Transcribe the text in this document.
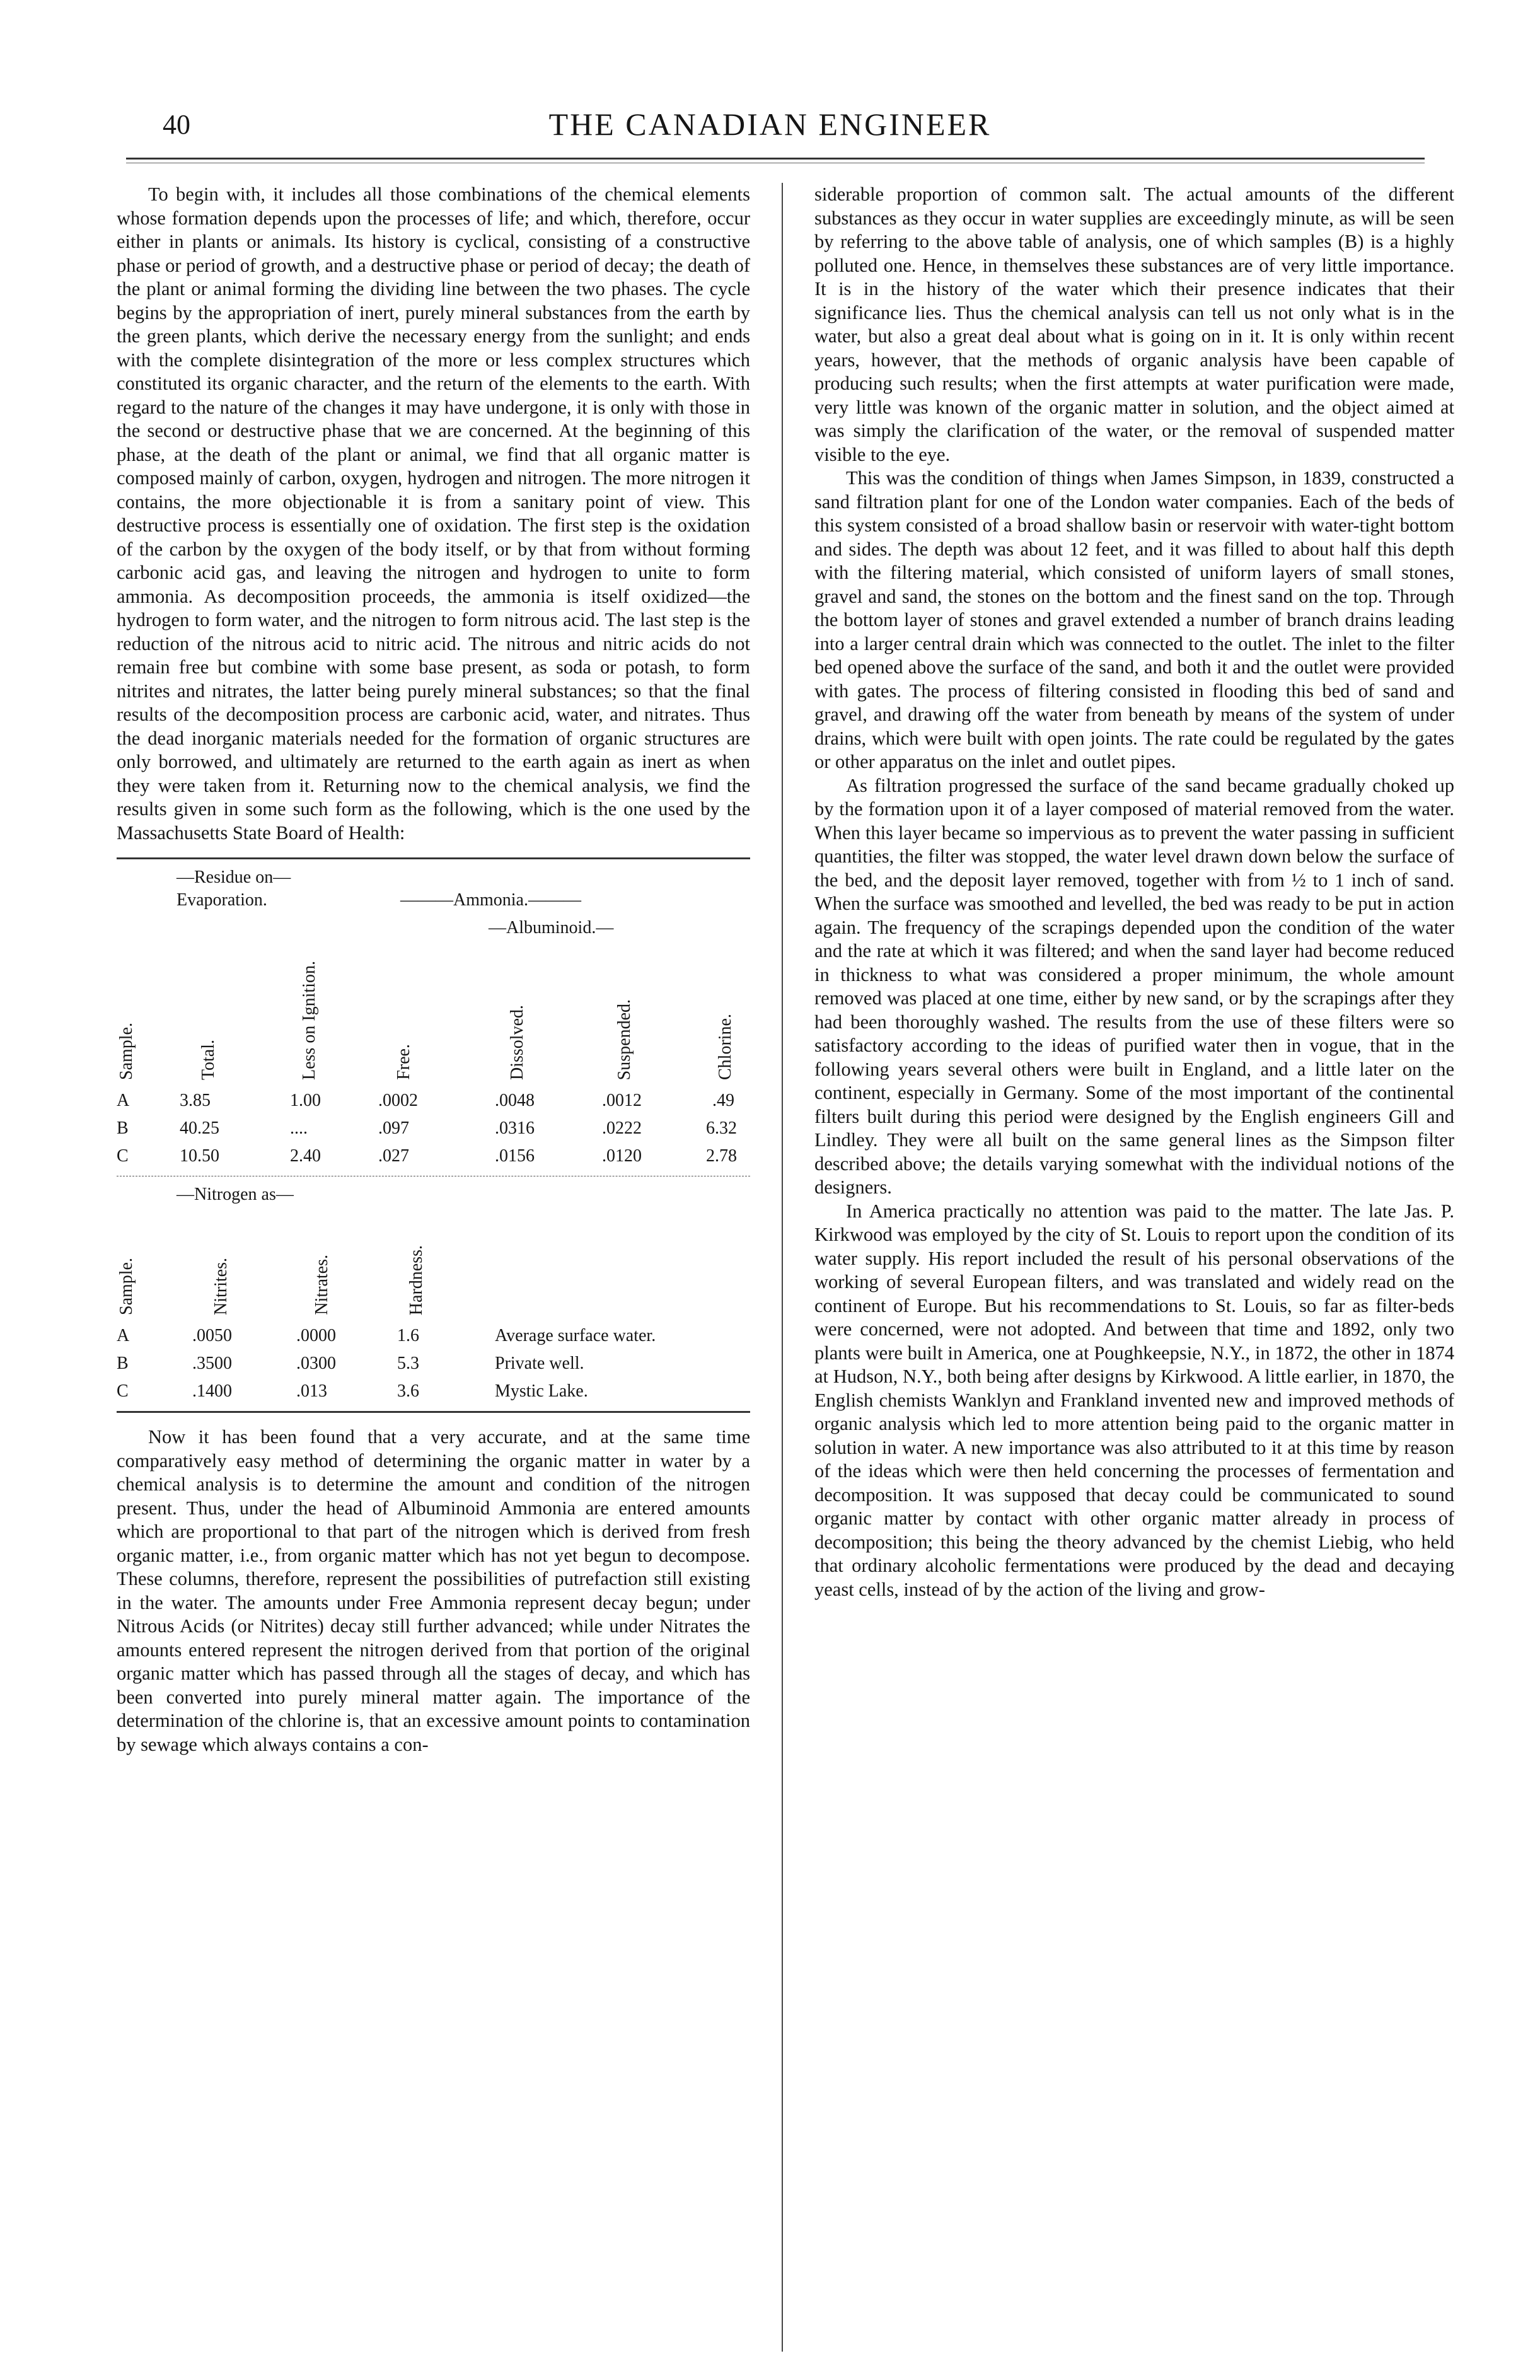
40	THE CANADIAN ENGINEER

To begin with, it includes all those combinations of the chemical elements whose formation depends upon the processes of life; and which, therefore, occur either in plants or animals. Its history is cyclical, consisting of a constructive phase or period of growth, and a destructive phase or period of decay; the death of the plant or animal forming the dividing line between the two phases. The cycle begins by the appropriation of inert, purely mineral substances from the earth by the green plants, which derive the necessary energy from the sunlight; and ends with the complete disintegration of the more or less complex structures which constituted its organic character, and the return of the elements to the earth. With regard to the nature of the changes it may have undergone, it is only with those in the second or destructive phase that we are concerned. At the beginning of this phase, at the death of the plant or animal, we find that all organic matter is composed mainly of carbon, oxygen, hydrogen and nitrogen. The more nitrogen it contains, the more objectionable it is from a sanitary point of view. This destructive process is essentially one of oxidation. The first step is the oxidation of the carbon by the oxygen of the body itself, or by that from without forming carbonic acid gas, and leaving the nitrogen and hydrogen to unite to form ammonia. As decomposition proceeds, the ammonia is itself oxidized—the hydrogen to form water, and the nitrogen to form nitrous acid. The last step is the reduction of the nitrous acid to nitric acid. The nitrous and nitric acids do not remain free but combine with some base present, as soda or potash, to form nitrites and nitrates, the latter being purely mineral substances; so that the final results of the decomposition process are carbonic acid, water, and nitrates. Thus the dead inorganic materials needed for the formation of organic structures are only borrowed, and ultimately are returned to the earth again as inert as when they were taken from it. Returning now to the chemical analysis, we find the results given in some such form as the following, which is the one used by the Massachusetts State Board of Health:

—Residue on—
Evaporation.	———Ammonia.———
—Albuminoid.—
Sample.	Total.	Less on Ignition.	Free.	Dissolved.	Suspended.	Chlorine.
A	3.85	1.00	.0002	.0048	.0012	.49
B	40.25	....	.097	.0316	.0222	6.32
C	10.50	2.40	.027	.0156	.0120	2.78
—Nitrogen as—
Sample.	Nitrites.	Nitrates.	Hardness.
A	.0050	.0000	1.6	Average surface water.
B	.3500	.0300	5.3	Private well.
C	.1400	.013	3.6	Mystic Lake.

Now it has been found that a very accurate, and at the same time comparatively easy method of determining the organic matter in water by a chemical analysis is to determine the amount and condition of the nitrogen present. Thus, under the head of Albuminoid Ammonia are entered amounts which are proportional to that part of the nitrogen which is derived from fresh organic matter, i.e., from organic matter which has not yet begun to decompose. These columns, therefore, represent the possibilities of putrefaction still existing in the water. The amounts under Free Ammonia represent decay begun; under Nitrous Acids (or Nitrites) decay still further advanced; while under Nitrates the amounts entered represent the nitrogen derived from that portion of the original organic matter which has passed through all the stages of decay, and which has been converted into purely mineral matter again. The importance of the determination of the chlorine is, that an excessive amount points to contamination by sewage which always contains a con-

siderable proportion of common salt. The actual amounts of the different substances as they occur in water supplies are exceedingly minute, as will be seen by referring to the above table of analysis, one of which samples (B) is a highly polluted one. Hence, in themselves these substances are of very little importance. It is in the history of the water which their presence indicates that their significance lies. Thus the chemical analysis can tell us not only what is in the water, but also a great deal about what is going on in it. It is only within recent years, however, that the methods of organic analysis have been capable of producing such results; when the first attempts at water purification were made, very little was known of the organic matter in solution, and the object aimed at was simply the clarification of the water, or the removal of suspended matter visible to the eye.

This was the condition of things when James Simpson, in 1839, constructed a sand filtration plant for one of the London water companies. Each of the beds of this system consisted of a broad shallow basin or reservoir with water-tight bottom and sides. The depth was about 12 feet, and it was filled to about half this depth with the filtering material, which consisted of uniform layers of small stones, gravel and sand, the stones on the bottom and the finest sand on the top. Through the bottom layer of stones and gravel extended a number of branch drains leading into a larger central drain which was connected to the outlet. The inlet to the filter bed opened above the surface of the sand, and both it and the outlet were provided with gates. The process of filtering consisted in flooding this bed of sand and gravel, and drawing off the water from beneath by means of the system of under drains, which were built with open joints. The rate could be regulated by the gates or other apparatus on the inlet and outlet pipes.

As filtration progressed the surface of the sand became gradually choked up by the formation upon it of a layer composed of material removed from the water. When this layer became so impervious as to prevent the water passing in sufficient quantities, the filter was stopped, the water level drawn down below the surface of the bed, and the deposit layer removed, together with from ½ to 1 inch of sand. When the surface was smoothed and levelled, the bed was ready to be put in action again. The frequency of the scrapings depended upon the condition of the water and the rate at which it was filtered; and when the sand layer had become reduced in thickness to what was considered a proper minimum, the whole amount removed was placed at one time, either by new sand, or by the scrapings after they had been thoroughly washed. The results from the use of these filters were so satisfactory according to the ideas of purified water then in vogue, that in the following years several others were built in England, and a little later on the continent, especially in Germany. Some of the most important of the continental filters built during this period were designed by the English engineers Gill and Lindley. They were all built on the same general lines as the Simpson filter described above; the details varying somewhat with the individual notions of the designers.

In America practically no attention was paid to the matter. The late Jas. P. Kirkwood was employed by the city of St. Louis to report upon the condition of its water supply. His report included the result of his personal observations of the working of several European filters, and was translated and widely read on the continent of Europe. But his recommendations to St. Louis, so far as filter-beds were concerned, were not adopted. And between that time and 1892, only two plants were built in America, one at Poughkeepsie, N.Y., in 1872, the other in 1874 at Hudson, N.Y., both being after designs by Kirkwood. A little earlier, in 1870, the English chemists Wanklyn and Frankland invented new and improved methods of organic analysis which led to more attention being paid to the organic matter in solution in water. A new importance was also attributed to it at this time by reason of the ideas which were then held concerning the processes of fermentation and decomposition. It was supposed that decay could be communicated to sound organic matter by contact with other organic matter already in process of decomposition; this being the theory advanced by the chemist Liebig, who held that ordinary alcoholic fermentations were produced by the dead and decaying yeast cells, instead of by the action of the living and grow-
